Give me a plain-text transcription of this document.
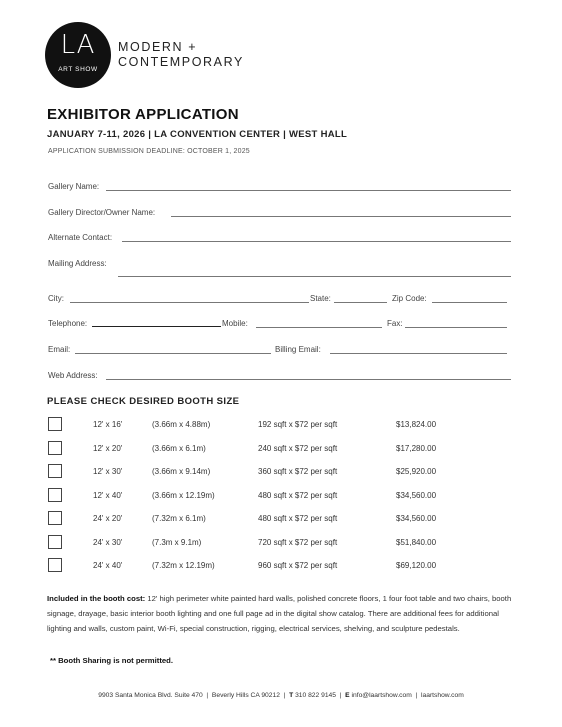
LA
ART SHOW
MODERN +
CONTEMPORARY
EXHIBITOR APPLICATION
JANUARY 7-11, 2026 | LA CONVENTION CENTER | WEST HALL
APPLICATION SUBMISSION DEADLINE: OCTOBER 1, 2025
Gallery Name:
Gallery Director/Owner Name:
Alternate Contact:
Mailing Address:
City:	State:	Zip Code:
Telephone:	Mobile:	Fax:
Email:	Billing Email:
Web Address:
PLEASE CHECK DESIRED BOOTH SIZE
12' x 16'	(3.66m x 4.88m)	192 sqft x $72 per sqft	$13,824.00
12' x 20'	(3.66m x 6.1m)	240 sqft x $72 per sqft	$17,280.00
12' x 30'	(3.66m x 9.14m)	360 sqft x $72 per sqft	$25,920.00
12' x 40'	(3.66m x 12.19m)	480 sqft x $72 per sqft	$34,560.00
24' x 20'	(7.32m x 6.1m)	480 sqft x $72 per sqft	$34,560.00
24' x 30'	(7.3m x 9.1m)	720 sqft x $72 per sqft	$51,840.00
24' x 40'	(7.32m x 12.19m)	960 sqft x $72 per sqft	$69,120.00
Included in the booth cost: 12' high perimeter white painted hard walls, polished concrete floors, 1 four foot table and two chairs, booth signage, drayage, basic interior booth lighting and one full page ad in the digital show catalog. There are additional fees for additional lighting and walls, custom paint, Wi-Fi, special construction, rigging, electrical services, shelving, and sculpture pedestals.
** Booth Sharing is not permitted.
9903 Santa Monica Blvd. Suite 470 | Beverly Hills CA 90212 | T 310 822 9145 | E info@laartshow.com | laartshow.com
